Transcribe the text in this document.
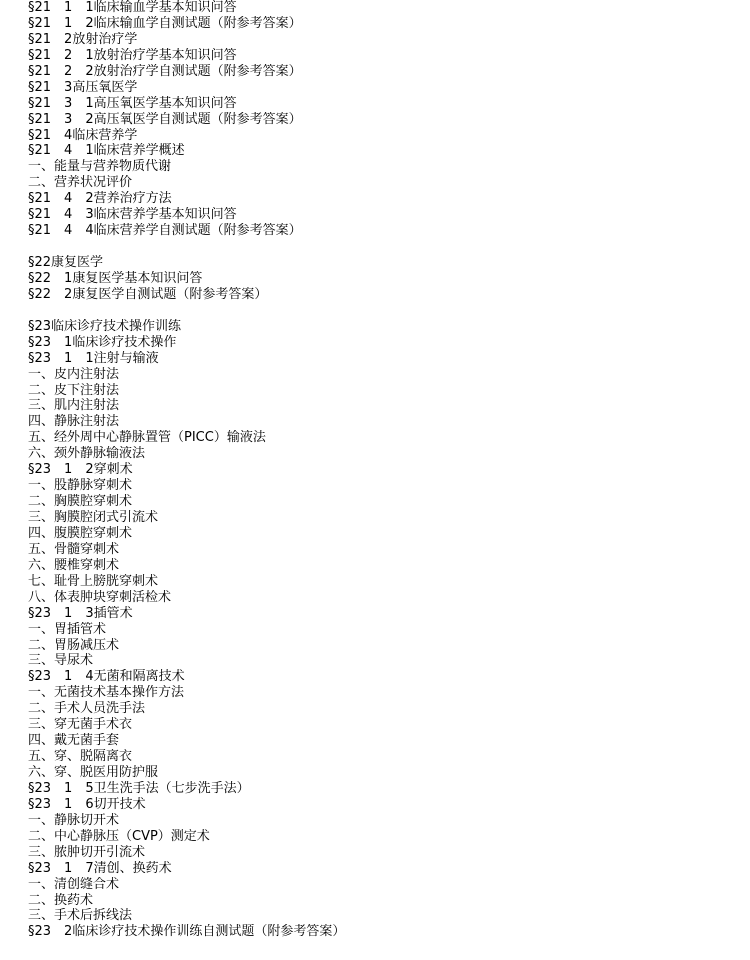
§21　1　1临床输血学基本知识问答
§21　1　2临床输血学自测试题（附参考答案）
§21　2放射治疗学
§21　2　1放射治疗学基本知识问答
§21　2　2放射治疗学自测试题（附参考答案）
§21　3高压氧医学
§21　3　1高压氧医学基本知识问答
§21　3　2高压氧医学自测试题（附参考答案）
§21　4临床营养学
§21　4　1临床营养学概述
一、能量与营养物质代谢
二、营养状况评价
§21　4　2营养治疗方法
§21　4　3临床营养学基本知识问答
§21　4　4临床营养学自测试题（附参考答案）
§22康复医学
§22　1康复医学基本知识问答
§22　2康复医学自测试题（附参考答案）
§23临床诊疗技术操作训练
§23　1临床诊疗技术操作
§23　1　1注射与输液
一、皮内注射法
二、皮下注射法
三、肌内注射法
四、静脉注射法
五、经外周中心静脉置管（PICC）输液法
六、颈外静脉输液法
§23　1　2穿刺术
一、股静脉穿刺术
二、胸膜腔穿刺术
三、胸膜腔闭式引流术
四、腹膜腔穿刺术
五、骨髓穿刺术
六、腰椎穿刺术
七、耻骨上膀胱穿刺术
八、体表肿块穿刺活检术
§23　1　3插管术
一、胃插管术
二、胃肠减压术
三、导尿术
§23　1　4无菌和隔离技术
一、无菌技术基本操作方法
二、手术人员洗手法
三、穿无菌手术衣
四、戴无菌手套
五、穿、脱隔离衣
六、穿、脱医用防护服
§23　1　5卫生洗手法（七步洗手法）
§23　1　6切开技术
一、静脉切开术
二、中心静脉压（CVP）测定术
三、脓肿切开引流术
§23　1　7清创、换药术
一、清创缝合术
二、换药术
三、手术后拆线法
§23　2临床诊疗技术操作训练自测试题（附参考答案）
